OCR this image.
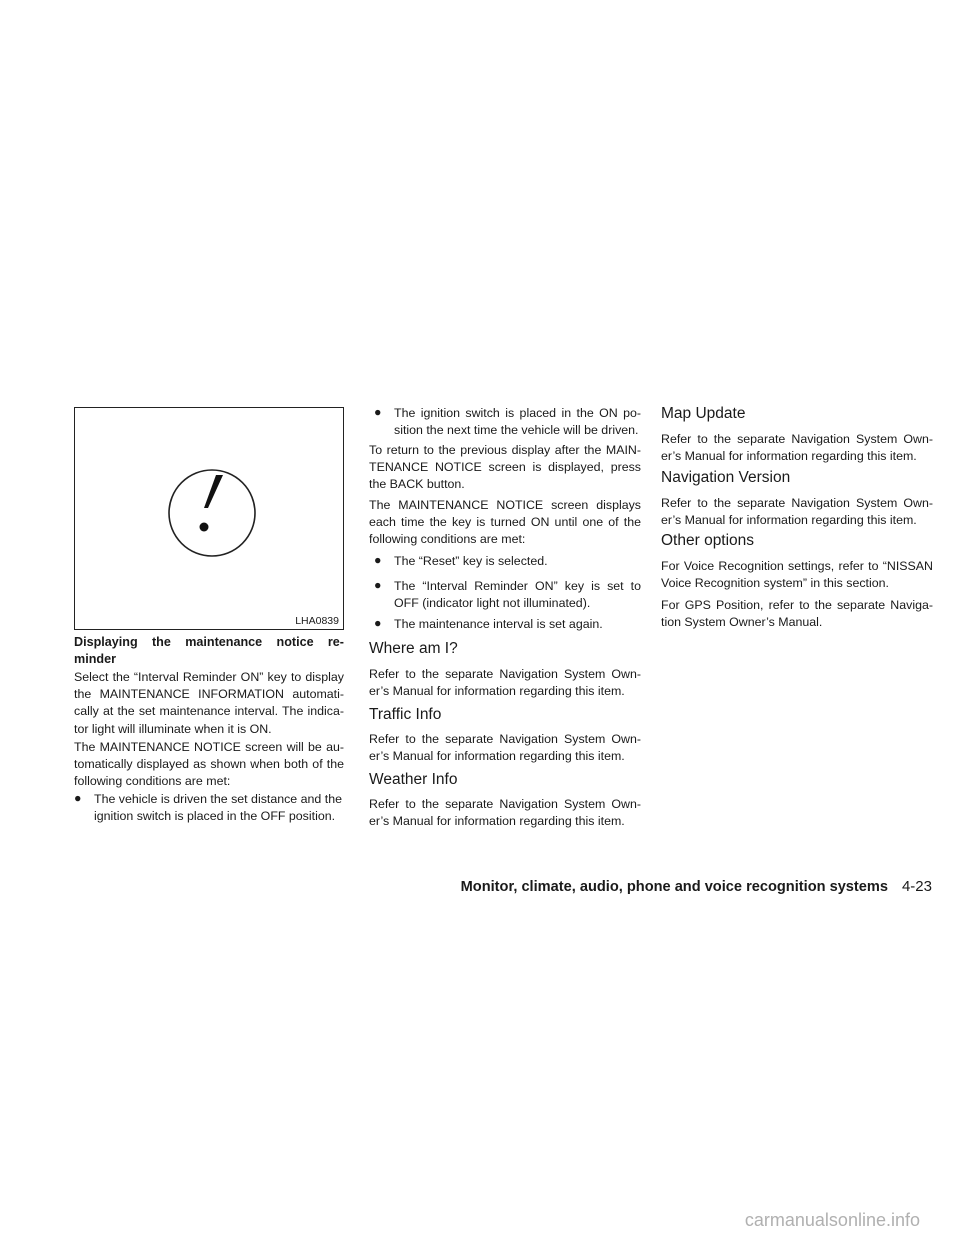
LHA0839
Displaying the maintenance notice re-
minder

Select the “Interval Reminder ON” key to display the MAINTENANCE INFORMATION automati- cally at the set maintenance interval. The indica- tor light will illuminate when it is ON.

The MAINTENANCE NOTICE screen will be au- tomatically displayed as shown when both of the following conditions are met:

● The vehicle is driven the set distance and the ignition switch is placed in the OFF position.

● The ignition switch is placed in the ON po- sition the next time the vehicle will be driven.

To return to the previous display after the MAIN- TENANCE NOTICE screen is displayed, press the BACK button.

The MAINTENANCE NOTICE screen displays each time the key is turned ON until one of the following conditions are met:

● The “Reset” key is selected.

● The “Interval Reminder ON” key is set to OFF (indicator light not illuminated).

● The maintenance interval is set again.

Where am I?

Refer to the separate Navigation System Own- er’s Manual for information regarding this item.

Traffic Info

Refer to the separate Navigation System Own- er’s Manual for information regarding this item.

Weather Info

Refer to the separate Navigation System Own- er’s Manual for information regarding this item.

Map Update

Refer to the separate Navigation System Own- er’s Manual for information regarding this item.

Navigation Version

Refer to the separate Navigation System Own- er’s Manual for information regarding this item.

Other options

For Voice Recognition settings, refer to “NISSAN Voice Recognition system” in this section.

For GPS Position, refer to the separate Naviga- tion System Owner’s Manual.

Monitor, climate, audio, phone and voice recognition systems 4-23
carmanualsonline.info
